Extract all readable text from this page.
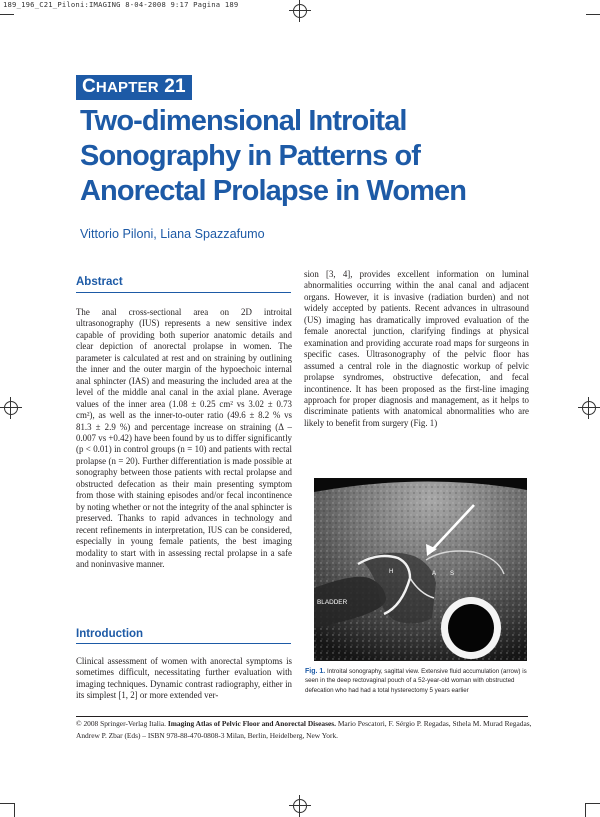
189_196_C21_Piloni:IMAGING 8-04-2008 9:17 Pagina 189
CHAPTER 21
Two-dimensional Introital Sonography in Patterns of Anorectal Prolapse in Women
Vittorio Piloni, Liana Spazzafumo
Abstract

The anal cross-sectional area on 2D introital ultrasonography (IUS) represents a new sensitive index capable of providing both superior anatomic details and clear depiction of anorectal prolapse in women. The parameter is calculated at rest and on straining by outlining the inner and the outer margin of the hypoechoic internal anal sphincter (IAS) and measuring the included area at the level of the middle anal canal in the axial plane. Average values of the inner area (1.08 ± 0.25 cm² vs 3.02 ± 0.73 cm²), as well as the inner-to-outer ratio (49.6 ± 8.2 % vs 81.3 ± 2.9 %) and percentage increase on straining (Δ –0.007 vs +0.42) have been found by us to differ significantly (p < 0.01) in control groups (n = 10) and patients with rectal prolapse (n = 20). Further differentiation is made possible at sonography between those patients with rectal prolapse and obstructed defecation as their main presenting symptom from those with staining episodes and/or fecal incontinence by noting whether or not the integrity of the anal sphincter is preserved. Thanks to rapid advances in technology and recent refinements in interpretation, IUS can be considered, especially in young female patients, the best imaging modality to start with in assessing rectal prolapse in a safe and noninvasive manner.

Introduction

Clinical assessment of women with anorectal symptoms is sometimes difficult, necessitating further evaluation with imaging techniques. Dynamic contrast radiography, either in its simplest [1, 2] or more extended ver-

sion [3, 4], provides excellent information on luminal abnormalities occurring within the anal canal and adjacent organs. However, it is invasive (radiation burden) and not widely accepted by patients. Recent advances in ultrasound (US) imaging has dramatically improved evaluation of the female anorectal junction, clarifying findings at physical examination and providing accurate road maps for surgeons in specific cases. Ultrasonography of the pelvic floor has assumed a central role in the diagnostic workup of pelvic prolapse syndromes, obstructive defecation, and fecal incontinence. It has been proposed as the first-line imaging approach for proper diagnosis and management, as it helps to discriminate patients with anatomical abnormalities who are likely to benefit from surgery (Fig. 1)

H	A S
BLADDER

Fig. 1. Introital sonography, sagittal view. Extensive fluid accumulation (arrow) is seen in the deep rectovaginal pouch of a 52-year-old woman with obstructed defecation who had had a total hysterectomy 5 years earlier

© 2008 Springer-Verlag Italia. Imaging Atlas of Pelvic Floor and Anorectal Diseases. Mario Pescatori, F. Sérgio P. Regadas, Sthela M. Murad Regadas, Andrew P. Zbar (Eds) – ISBN 978-88-470-0808-3 Milan, Berlin, Heidelberg, New York.
